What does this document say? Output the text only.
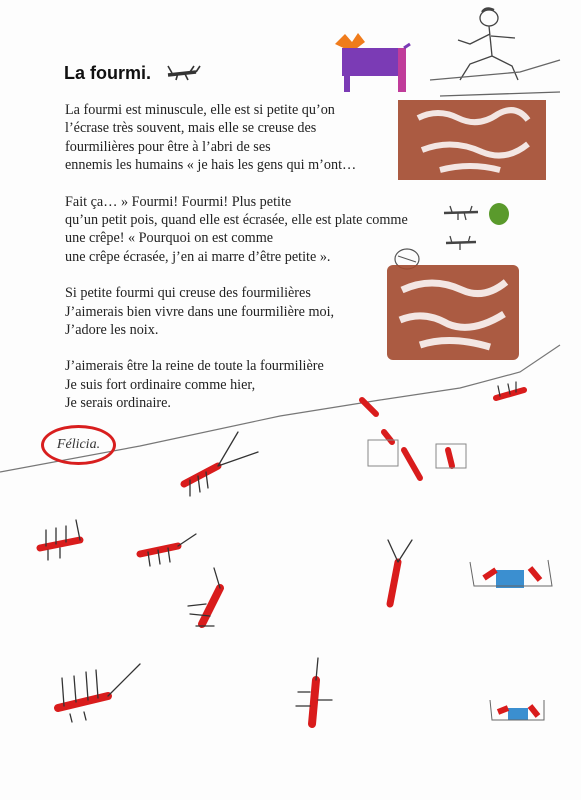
La fourmi.
La fourmi est minuscule, elle est si petite qu’on
l’écrase très souvent, mais elle se creuse des
fourmilières pour être à l’abri de ses
ennemis les humains « je hais les gens qui m’ont…
Fait ça… » Fourmi! Fourmi! Plus petite
qu’un petit pois, quand elle est écrasée, elle est plate comme
une crêpe! « Pourquoi on est comme
une crêpe écrasée, j’en ai marre d’être petite ».
Si petite fourmi qui creuse des fourmilières
J’aimerais bien vivre dans une fourmilière moi,
J’adore les noix.
J’aimerais être la reine de toute la fourmilière
Je suis fort ordinaire comme hier,
Je serais ordinaire.
Félicia.
